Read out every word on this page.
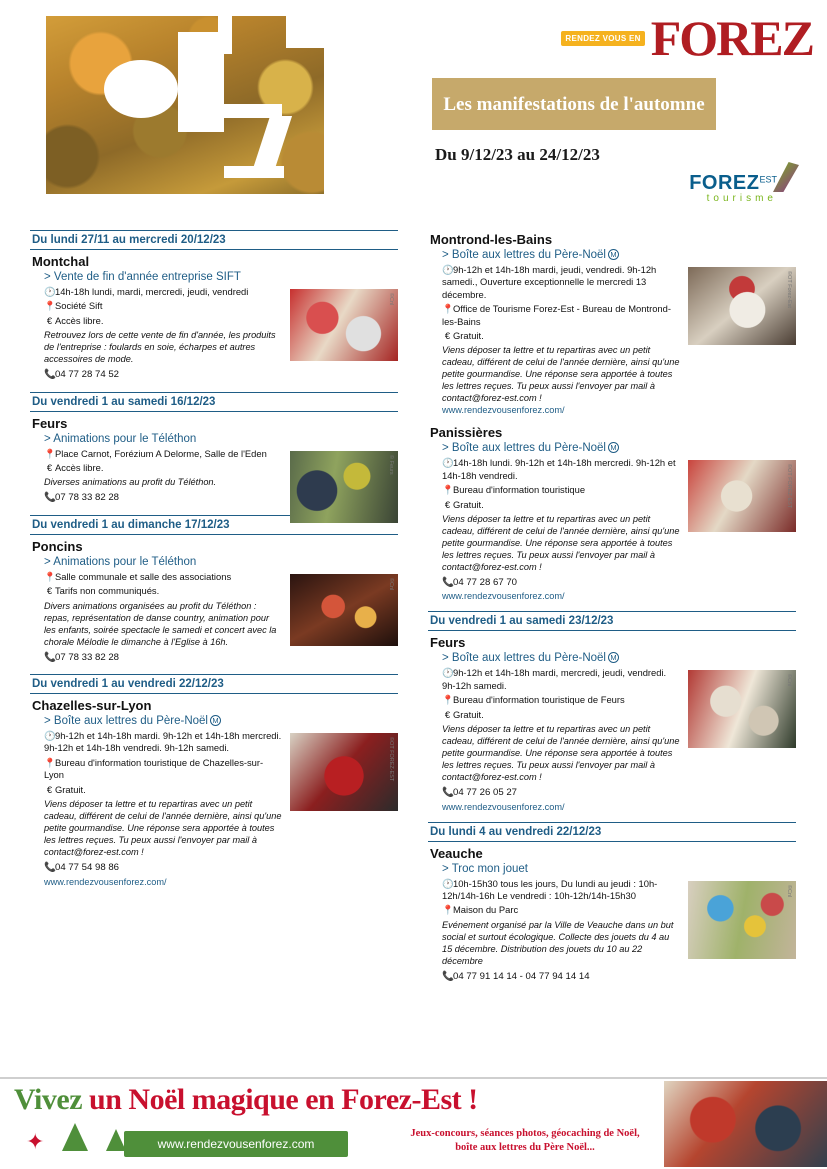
RENDEZ VOUS EN FOREZ
Les manifestations de l'automne
Du 9/12/23 au 24/12/23
$FOREZ^{EST}$
tourisme
Du lundi 27/11 au mercredi 20/12/23
Montchal
©Cnl
> Vente de fin d'année entreprise SIFT
🕐14h-18h lundi, mardi, mercredi, jeudi, vendredi
📍Société Sift
€ Accès libre.
Retrouvez lors de cette vente de fin d'année, les produits de l'entreprise : foulards en soie, écharpes et autres accessoires de mode.
📞04 77 28 74 52
Du vendredi 1 au samedi 16/12/23
Feurs
© Feurs
> Animations pour le Téléthon
📍Place Carnot, Forézium A Delorme, Salle de l'Eden
€ Accès libre.
Diverses animations au profit du Téléthon.
📞07 78 33 82 28
Du vendredi 1 au dimanche 17/12/23
Poncins
©Cnl
> Animations pour le Téléthon
📍Salle communale et salle des associations
€ Tarifs non communiqués.
Divers animations organisées au profit du Téléthon : repas, représentation de danse country, animation pour les enfants, soirée spectacle le samedi et concert avec la chorale Mélodie le dimanche à l'Eglise à 16h.
📞07 78 33 82 28
Du vendredi 1 au vendredi 22/12/23
Chazelles-sur-Lyon
©OT FOREZ-EST
> Boîte aux lettres du Père-Noël M
🕐9h-12h et 14h-18h mardi. 9h-12h et 14h-18h mercredi. 9h-12h et 14h-18h vendredi. 9h-12h samedi.
📍Bureau d'information touristique de Chazelles-sur-Lyon
€ Gratuit.
Viens déposer ta lettre et tu repartiras avec un petit cadeau, différent de celui de l'année dernière, ainsi qu'une petite gourmandise. Une réponse sera apportée à toutes les lettres reçues. Tu peux aussi l'envoyer par mail à contact@forez-est.com !
📞04 77 54 98 86
www.rendezvousenforez.com/
Montrond-les-Bains
©OT Forez-Est
> Boîte aux lettres du Père-Noël M
🕐9h-12h et 14h-18h mardi, jeudi, vendredi. 9h-12h samedi., Ouverture exceptionnelle le mercredi 13 décembre.
📍Office de Tourisme Forez-Est - Bureau de Montrond-les-Bains
€ Gratuit.
Viens déposer ta lettre et tu repartiras avec un petit cadeau, différent de celui de l'année dernière, ainsi qu'une petite gourmandise. Une réponse sera apportée à toutes les lettres reçues. Tu peux aussi l'envoyer par mail à contact@forez-est.com !
www.rendezvousenforez.com/
Panissières
©OT FOREZ-EST
> Boîte aux lettres du Père-Noël M
🕐14h-18h lundi. 9h-12h et 14h-18h mercredi. 9h-12h et 14h-18h vendredi.
📍Bureau d'information touristique
€ Gratuit.
Viens déposer ta lettre et tu repartiras avec un petit cadeau, différent de celui de l'année dernière, ainsi qu'une petite gourmandise. Une réponse sera apportée à toutes les lettres reçues. Tu peux aussi l'envoyer par mail à contact@forez-est.com !
📞04 77 28 67 70
www.rendezvousenforez.com/
Du vendredi 1 au samedi 23/12/23
Feurs
©Cnl
> Boîte aux lettres du Père-Noël M
🕐9h-12h et 14h-18h mardi, mercredi, jeudi, vendredi. 9h-12h samedi.
📍Bureau d'information touristique de Feurs
€ Gratuit.
Viens déposer ta lettre et tu repartiras avec un petit cadeau, différent de celui de l'année dernière, ainsi qu'une petite gourmandise. Une réponse sera apportée à toutes les lettres reçues. Tu peux aussi l'envoyer par mail à contact@forez-est.com !
📞04 77 26 05 27
www.rendezvousenforez.com/
Du lundi 4 au vendredi 22/12/23
Veauche
©Cnl
> Troc mon jouet
🕐10h-15h30 tous les jours, Du lundi au jeudi : 10h-12h/14h-16h Le vendredi : 10h-12h/14h-15h30
📍Maison du Parc
Evénement organisé par la Ville de Veauche dans un but social et surtout écologique. Collecte des jouets du 4 au 15 décembre. Distribution des jouets du 10 au 22 décembre
📞04 77 91 14 14 - 04 77 94 14 14
Vivez un Noël magique en Forez-Est !
✦	www.rendezvousenforez.com
Jeux-concours, séances photos, géocaching de Noël,
boîte aux lettres du Père Noël...
